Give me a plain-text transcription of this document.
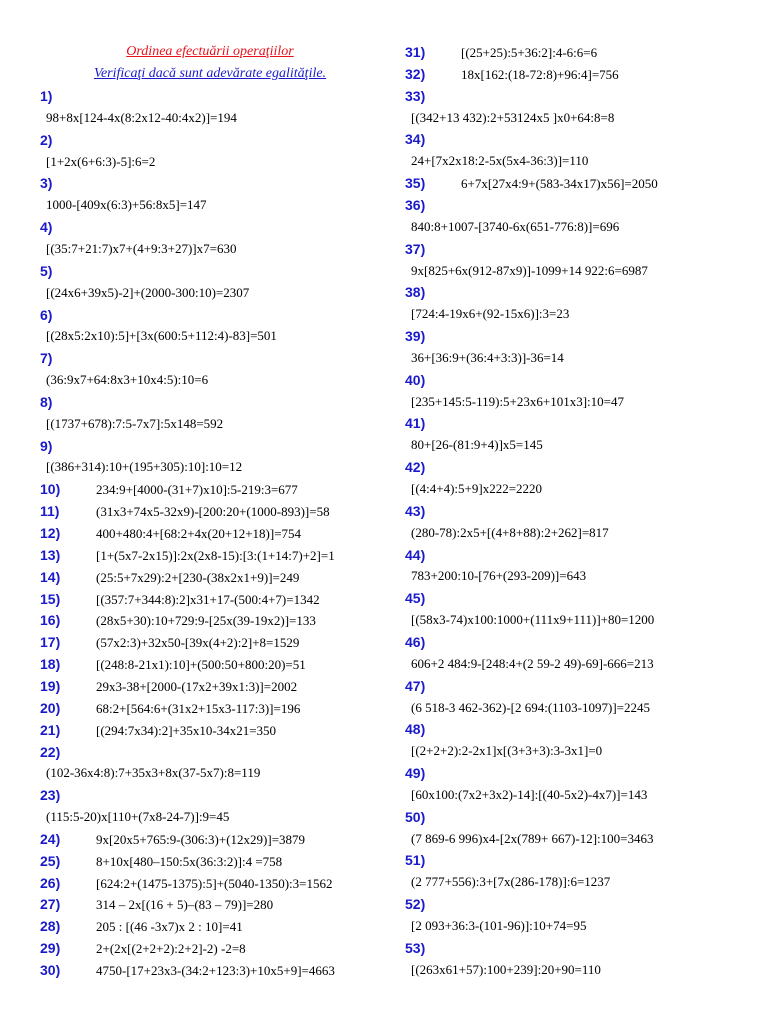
Ordinea efectuării operaţiilor
Verificaţi dacă sunt adevărate egalităţile.
1)
98+8x[124-4x(8:2x12-40:4x2)]=194
2)
[1+2x(6+6:3)-5]:6=2
3)
1000-[409x(6:3)+56:8x5]=147
4)
[(35:7+21:7)x7+(4+9:3+27)]x7=630
5)
[(24x6+39x5)-2]+(2000-300:10)=2307
6)
[(28x5:2x10):5]+[3x(600:5+112:4)-83]=501
7)
(36:9x7+64:8x3+10x4:5):10=6
8)
[(1737+678):7:5-7x7]:5x148=592
9)
[(386+314):10+(195+305):10]:10=12
10)	234:9+[4000-(31+7)x10]:5-219:3=677
11)	(31x3+74x5-32x9)-[200:20+(1000-893)]=58
12)	400+480:4+[68:2+4x(20+12+18)]=754
13)	[1+(5x7-2x15)]:2x(2x8-15):[3:(1+14:7)+2]=1
14)	(25:5+7x29):2+[230-(38x2x1+9)]=249
15)	[(357:7+344:8):2]x31+17-(500:4+7)=1342
16)	(28x5+30):10+729:9-[25x(39-19x2)]=133
17)	(57x2:3)+32x50-[39x(4+2):2]+8=1529
18)	[(248:8-21x1):10]+(500:50+800:20)=51
19)	29x3-38+[2000-(17x2+39x1:3)]=2002
20)	68:2+[564:6+(31x2+15x3-117:3)]=196
21)	[(294:7x34):2]+35x10-34x21=350
22)
(102-36x4:8):7+35x3+8x(37-5x7):8=119
23)
(115:5-20)x[110+(7x8-24-7)]:9=45
24)	9x[20x5+765:9-(306:3)+(12x29)]=3879
25)	8+10x[480–150:5x(36:3:2)]:4 =758
26)	[624:2+(1475-1375):5]+(5040-1350):3=1562
27)	314 – 2x[(16 + 5)–(83 – 79)]=280
28)	205 : [(46 -3x7)x 2 : 10]=41
29)	2+(2x[(2+2+2):2+2]-2) -2=8
30)	4750-[17+23x3-(34:2+123:3)+10x5+9]=4663
31)	[(25+25):5+36:2]:4-6:6=6
32)	18x[162:(18-72:8)+96:4]=756
33)
[(342+13 432):2+53124x5 ]x0+64:8=8
34)
24+[7x2x18:2-5x(5x4-36:3)]=110
35)	6+7x[27x4:9+(583-34x17)x56]=2050
36)
840:8+1007-[3740-6x(651-776:8)]=696
37)
9x[825+6x(912-87x9)]-1099+14 922:6=6987
38)
[724:4-19x6+(92-15x6)]:3=23
39)
36+[36:9+(36:4+3:3)]-36=14
40)
[235+145:5-119):5+23x6+101x3]:10=47
41)
80+[26-(81:9+4)]x5=145
42)
[(4:4+4):5+9]x222=2220
43)
(280-78):2x5+[(4+8+88):2+262]=817
44)
783+200:10-[76+(293-209)]=643
45)
[(58x3-74)x100:1000+(111x9+111)]+80=1200
46)
606+2 484:9-[248:4+(2 59-2 49)-69]-666=213
47)
(6 518-3 462-362)-[2 694:(1103-1097)]=2245
48)
[(2+2+2):2-2x1]x[(3+3+3):3-3x1]=0
49)
[60x100:(7x2+3x2)-14]:[(40-5x2)-4x7)]=143
50)
(7 869-6 996)x4-[2x(789+ 667)-12]:100=3463
51)
(2 777+556):3+[7x(286-178)]:6=1237
52)
[2 093+36:3-(101-96)]:10+74=95
53)
[(263x61+57):100+239]:20+90=110
